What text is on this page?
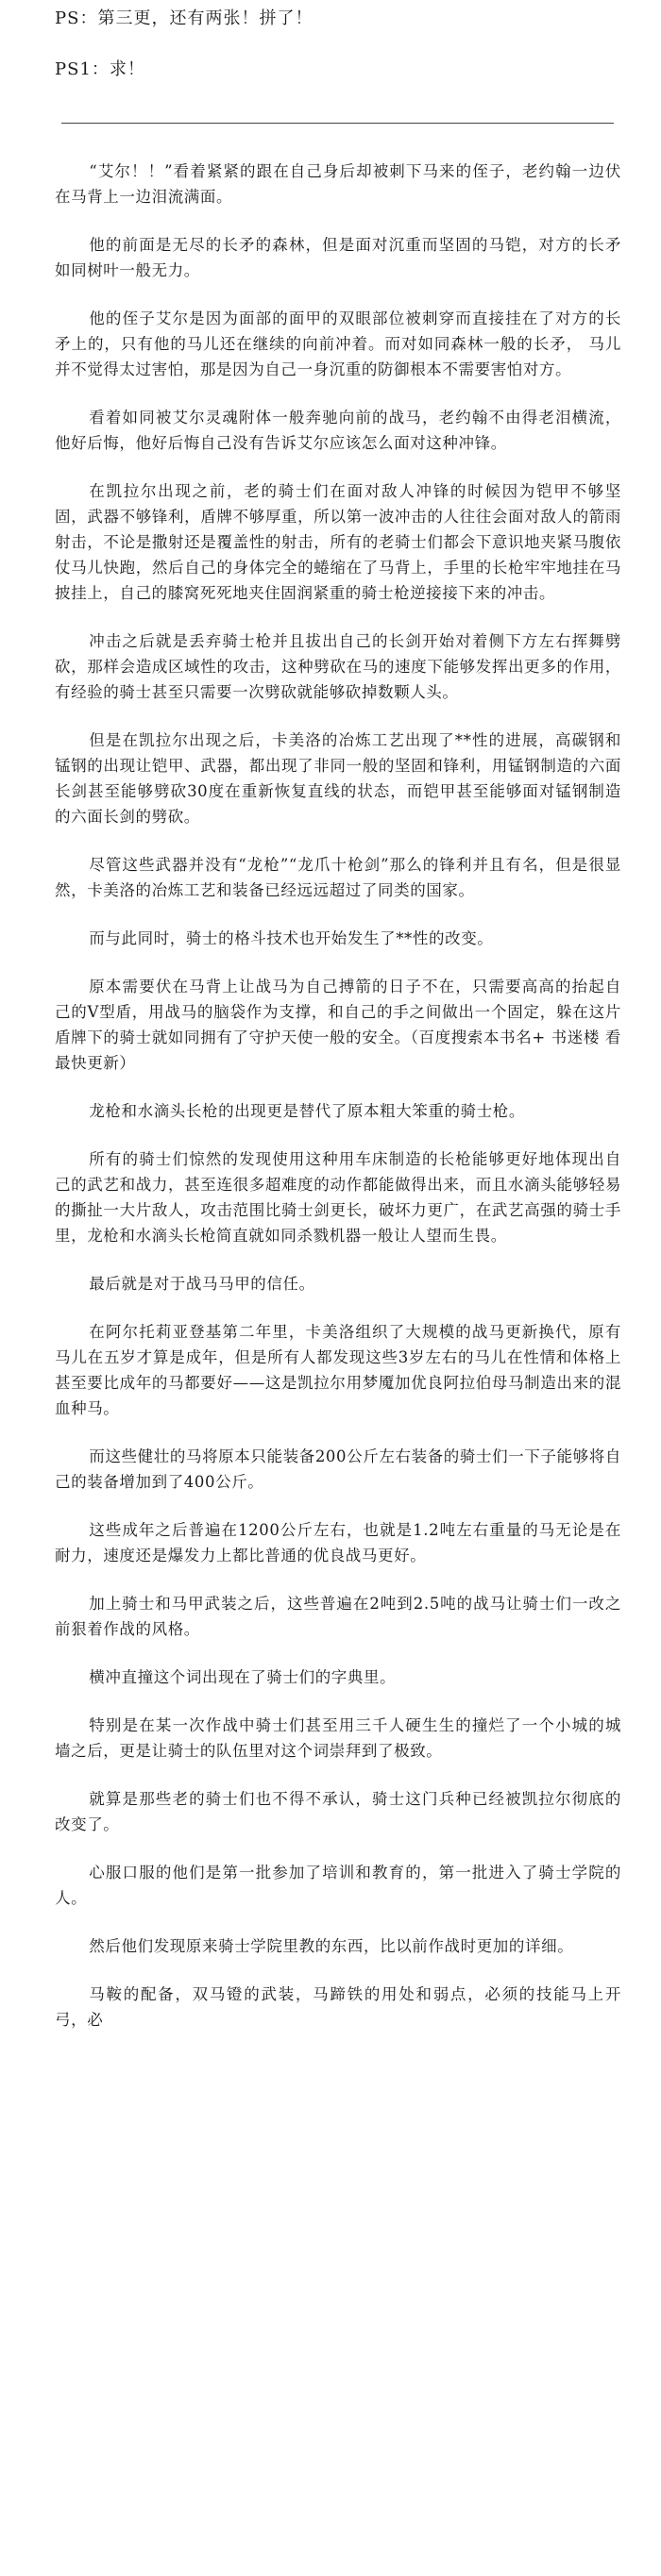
PS：第三更，还有两张！拼了！

PS1：求！

“艾尔！！”看着紧紧的跟在自己身后却被刺下马来的侄子，老约翰一边伏在马背上一边泪流满面。

他的前面是无尽的长矛的森林，但是面对沉重而坚固的马铠，对方的长矛如同树叶一般无力。

他的侄子艾尔是因为面部的面甲的双眼部位被刺穿而直接挂在了对方的长矛上的，只有他的马儿还在继续的向前冲着。而对如同森林一般的长矛， 马儿并不觉得太过害怕，那是因为自己一身沉重的防御根本不需要害怕对方。

看着如同被艾尔灵魂附体一般奔驰向前的战马，老约翰不由得老泪横流，他好后悔，他好后悔自己没有告诉艾尔应该怎么面对这种冲锋。

在凯拉尔出现之前，老的骑士们在面对敌人冲锋的时候因为铠甲不够坚固，武器不够锋利，盾牌不够厚重，所以第一波冲击的人往往会面对敌人的箭雨射击，不论是撒射还是覆盖性的射击，所有的老骑士们都会下意识地夹紧马腹依仗马儿快跑，然后自己的身体完全的蜷缩在了马背上，手里的长枪牢牢地挂在马披挂上，自己的膝窝死死地夹住固润紧重的骑士枪逆接接下来的冲击。

冲击之后就是丢弃骑士枪并且拔出自己的长剑开始对着侧下方左右挥舞劈砍，那样会造成区域性的攻击，这种劈砍在马的速度下能够发挥出更多的作用，有经验的骑士甚至只需要一次劈砍就能够砍掉数颗人头。

但是在凯拉尔出现之后，卡美洛的冶炼工艺出现了**性的进展，高碳钢和锰钢的出现让铠甲、武器，都出现了非同一般的坚固和锋利，用锰钢制造的六面长剑甚至能够劈砍30度在重新恢复直线的状态，而铠甲甚至能够面对锰钢制造的六面长剑的劈砍。

尽管这些武器并没有“龙枪”“龙爪十枪剑”那么的锋利并且有名，但是很显然，卡美洛的冶炼工艺和装备已经远远超过了同类的国家。

而与此同时，骑士的格斗技术也开始发生了**性的改变。

原本需要伏在马背上让战马为自己搏箭的日子不在，只需要高高的抬起自己的V型盾，用战马的脑袋作为支撑，和自己的手之间做出一个固定，躲在这片盾牌下的骑士就如同拥有了守护天使一般的安全。（百度搜索本书名+ 书迷楼 看最快更新）

龙枪和水滴头长枪的出现更是替代了原本粗大笨重的骑士枪。

所有的骑士们惊然的发现使用这种用车床制造的长枪能够更好地体现出自己的武艺和战力，甚至连很多超难度的动作都能做得出来，而且水滴头能够轻易的撕扯一大片敌人，攻击范围比骑士剑更长，破坏力更广，在武艺高强的骑士手里，龙枪和水滴头长枪简直就如同杀戮机器一般让人望而生畏。

最后就是对于战马马甲的信任。

在阿尔托莉亚登基第二年里，卡美洛组织了大规模的战马更新换代，原有马儿在五岁才算是成年，但是所有人都发现这些3岁左右的马儿在性情和体格上甚至要比成年的马都要好——这是凯拉尔用梦魇加优良阿拉伯母马制造出来的混血种马。

而这些健壮的马将原本只能装备200公斤左右装备的骑士们一下子能够将自己的装备增加到了400公斤。

这些成年之后普遍在1200公斤左右，也就是1.2吨左右重量的马无论是在耐力，速度还是爆发力上都比普通的优良战马更好。

加上骑士和马甲武装之后，这些普遍在2吨到2.5吨的战马让骑士们一改之前狠着作战的风格。

横冲直撞这个词出现在了骑士们的字典里。

特别是在某一次作战中骑士们甚至用三千人硬生生的撞烂了一个小城的城墙之后，更是让骑士的队伍里对这个词崇拜到了极致。

就算是那些老的骑士们也不得不承认，骑士这门兵种已经被凯拉尔彻底的改变了。

心服口服的他们是第一批参加了培训和教育的，第一批进入了骑士学院的人。

然后他们发现原来骑士学院里教的东西，比以前作战时更加的详细。

马鞍的配备，双马镫的武装，马蹄铁的用处和弱点，必须的技能马上开弓，必
